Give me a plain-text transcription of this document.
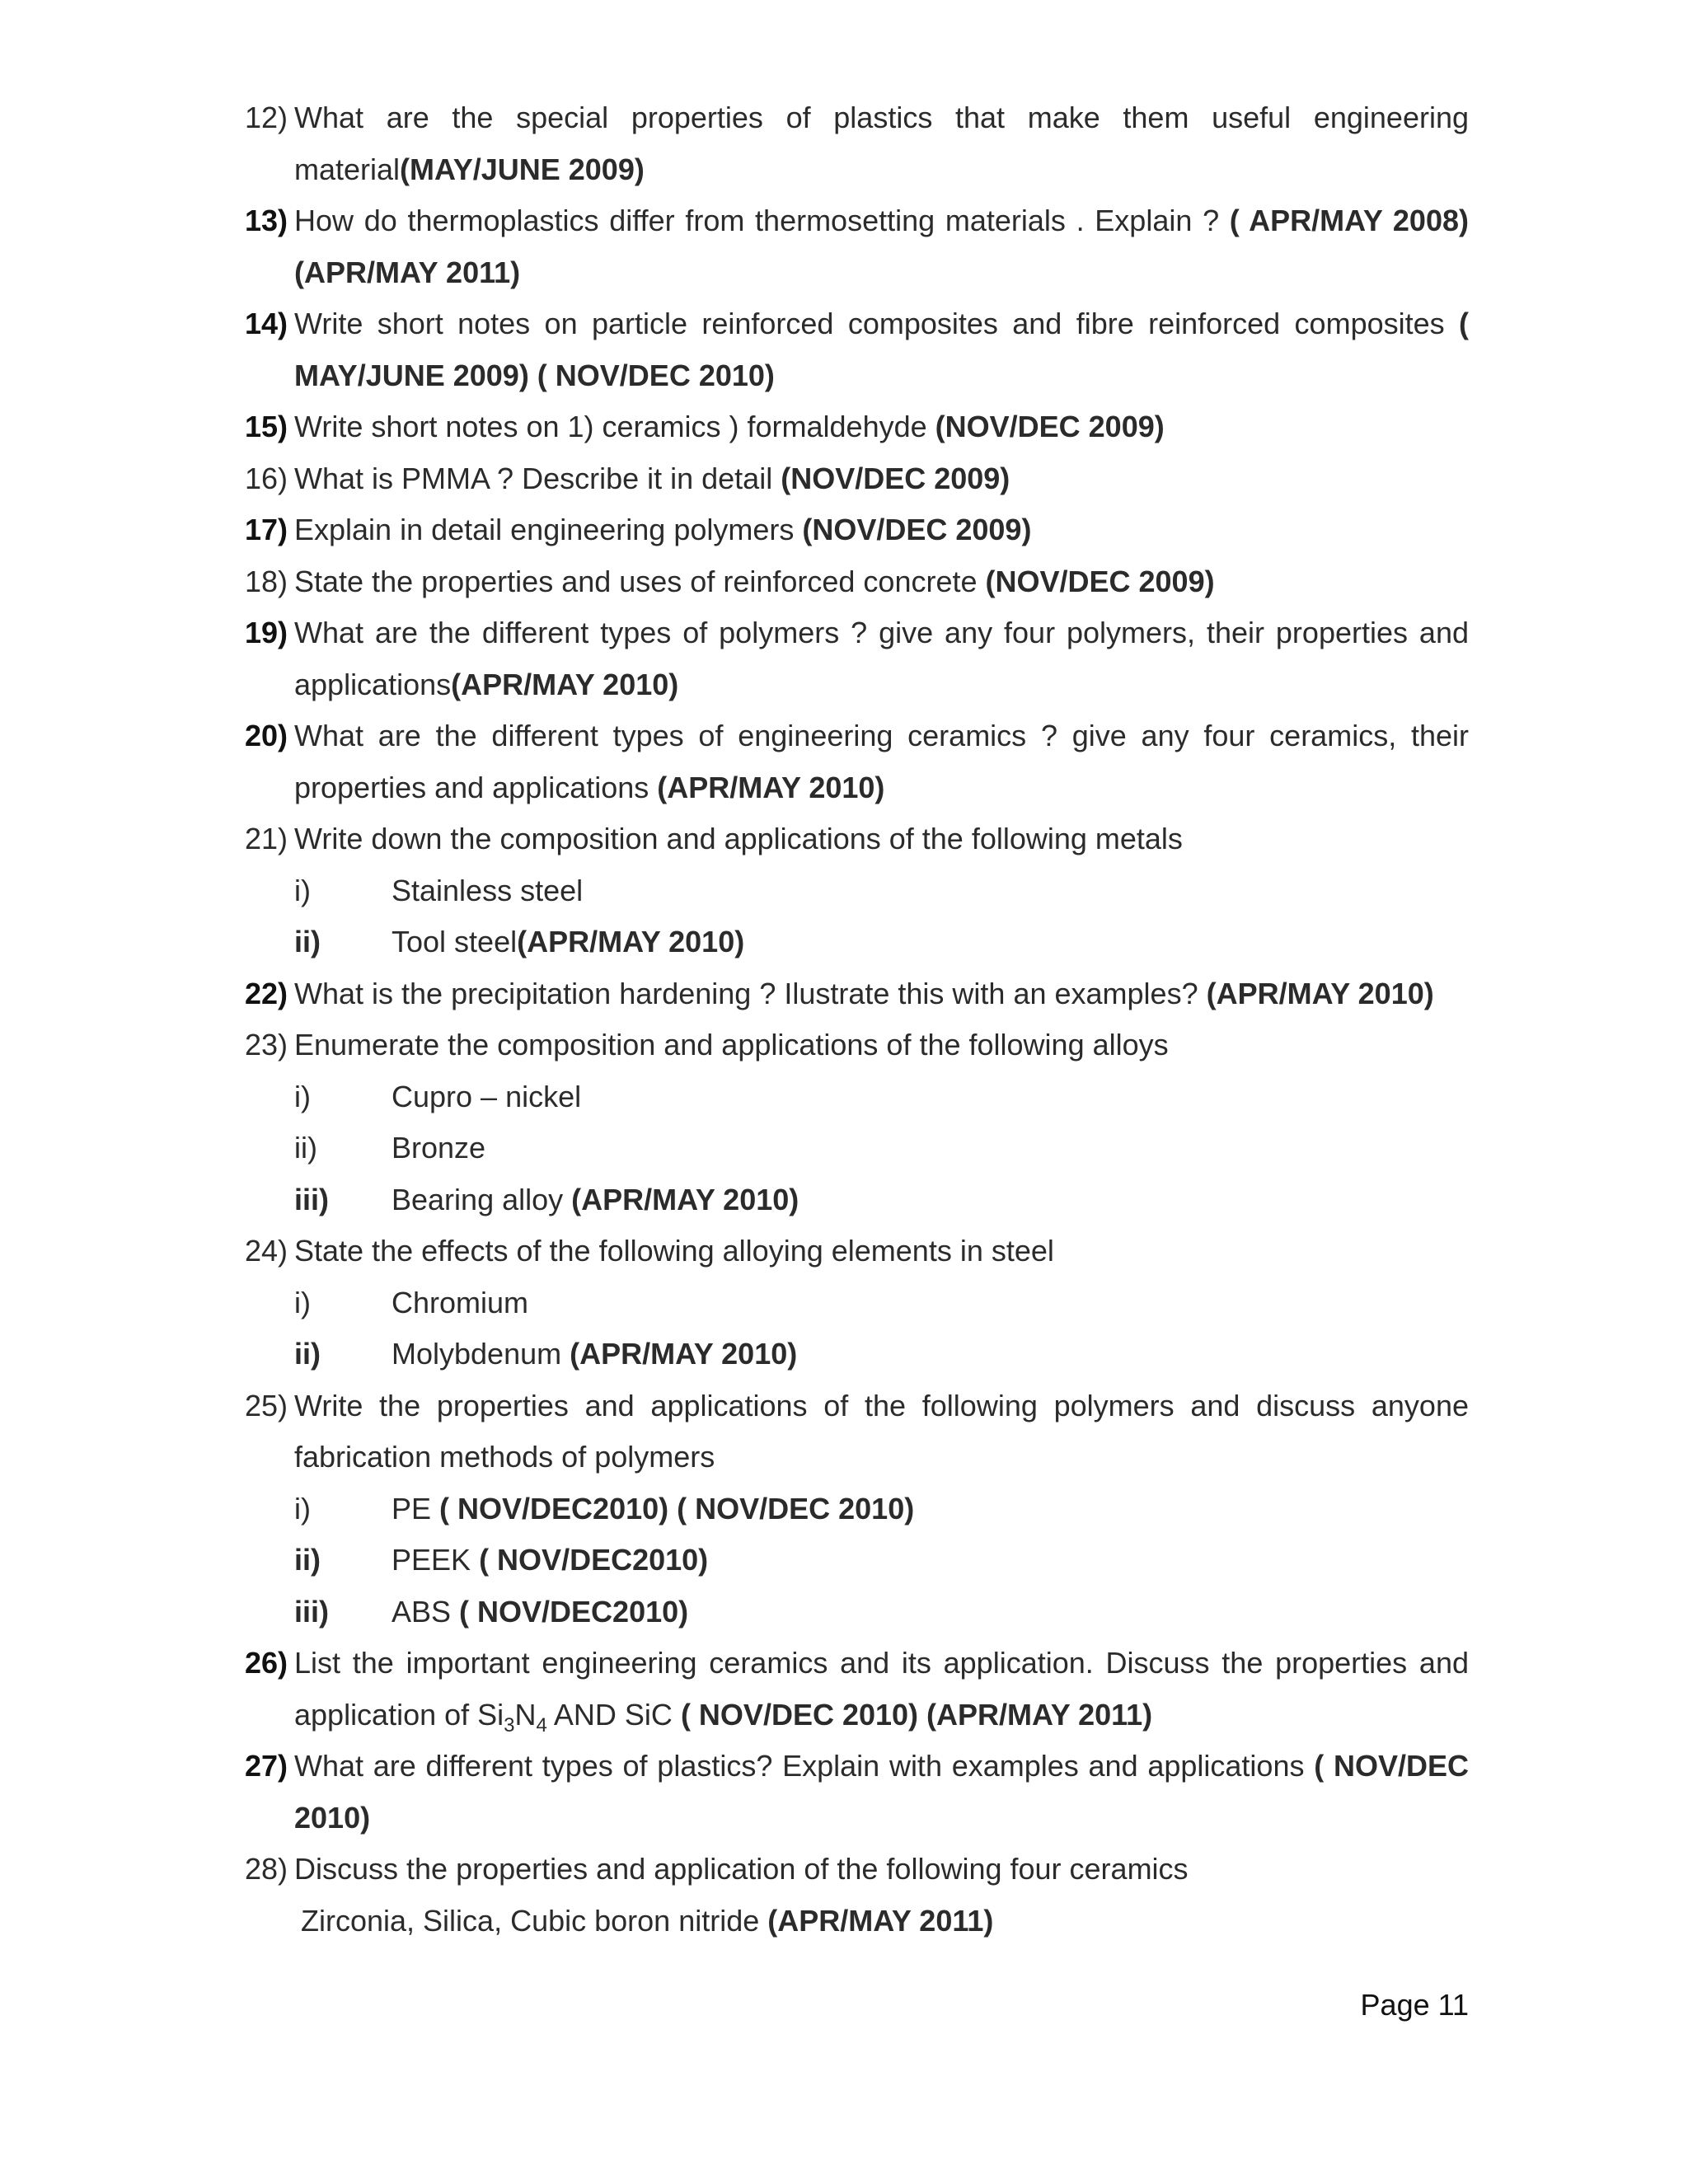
12) What are the special properties of plastics that make them useful engineering material(MAY/JUNE 2009)

13) How do thermoplastics differ from thermosetting materials . Explain ? ( APR/MAY 2008)(APR/MAY 2011)

14) Write short notes on particle reinforced composites and fibre reinforced composites ( MAY/JUNE 2009) ( NOV/DEC 2010)

15) Write short notes on 1) ceramics ) formaldehyde (NOV/DEC 2009)

16) What is PMMA ? Describe it in detail (NOV/DEC 2009)

17) Explain in detail engineering polymers (NOV/DEC 2009)

18) State the properties and uses of reinforced concrete (NOV/DEC 2009)

19) What are the different types of polymers ? give any four polymers, their properties and applications(APR/MAY 2010)

20) What are the different types of engineering ceramics ? give any four ceramics, their properties and applications (APR/MAY 2010)

21) Write down the composition and applications of the following metals

i)	Stainless steel

ii) Tool steel(APR/MAY 2010)

22) What is the precipitation hardening ? Ilustrate this with an examples? (APR/MAY 2010)

23) Enumerate the composition and applications of the following alloys

i)	Cupro – nickel

ii)	Bronze

iii) Bearing alloy (APR/MAY 2010)

24) State the effects of the following alloying elements in steel

i)	Chromium

ii) Molybdenum (APR/MAY 2010)

25) Write the properties and applications of the following polymers and discuss anyone fabrication methods of polymers

i)	PE ( NOV/DEC2010) ( NOV/DEC 2010)

ii) PEEK ( NOV/DEC2010)

iii) ABS ( NOV/DEC2010)

26) List the important engineering ceramics and its application. Discuss the properties and application of $Si_3N_4$ AND SiC ( NOV/DEC 2010) (APR/MAY 2011)

27) What are different types of plastics? Explain with examples and applications ( NOV/DEC 2010)

28) Discuss the properties and application of the following four ceramics

Zirconia, Silica, Cubic boron nitride (APR/MAY 2011)

Page 11
